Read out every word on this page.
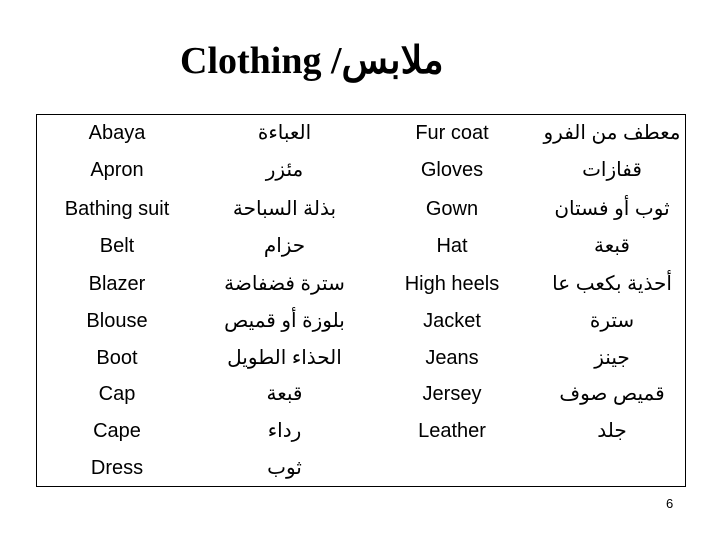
Clothing /ملابس
Abaya	العباءة	Fur coat	معطف من الفرو
Apron	مئزر	Gloves	قفازات
Bathing suit	بذلة السباحة	Gown	ثوب أو فستان
Belt	حزام	Hat	قبعة
Blazer	سترة فضفاضة	High heels	أحذية بكعب عا
Blouse	بلوزة أو قميص	Jacket	سترة
Boot	الحذاء الطويل	Jeans	جينز
Cap	قبعة	Jersey	قميص صوف
Cape	رداء	Leather	جلد
Dress	ثوب
6
